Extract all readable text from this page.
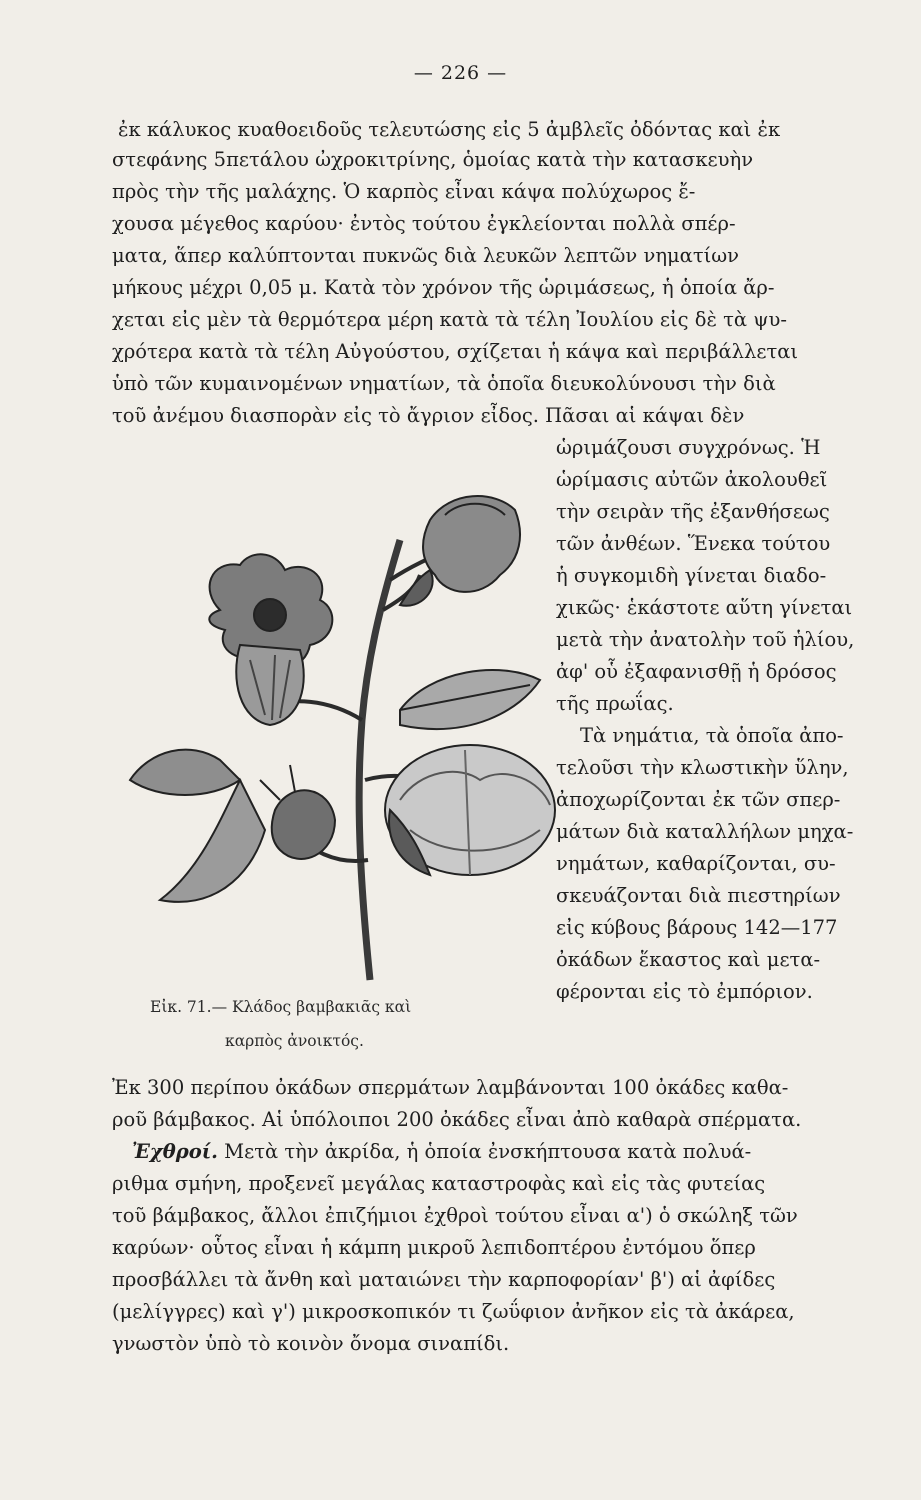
— 226 —
ἐκ κάλυκος κυαθοειδοῦς τελευτώσης εἰς 5 ἀμβλεῖς ὀδόντας καὶ ἐκ
στεφάνης 5πετάλου ὠχροκιτρίνης, ὁμοίας κατὰ τὴν κατασκευὴν
πρὸς τὴν τῆς μαλάχης. Ὁ καρπὸς εἶναι κάψα πολύχωρος ἔ-
χουσα μέγεθος καρύου· ἐντὸς τούτου ἐγκλείονται πολλὰ σπέρ-
ματα, ἅπερ καλύπτονται πυκνῶς διὰ λευκῶν λεπτῶν νηματίων
μήκους μέχρι 0,05 μ. Κατὰ τὸν χρόνον τῆς ὡριμάσεως, ἡ ὁποία ἄρ-
χεται εἰς μὲν τὰ θερμότερα μέρη κατὰ τὰ τέλη Ἰουλίου εἰς δὲ τὰ ψυ-
χρότερα κατὰ τὰ τέλη Αὐγούστου, σχίζεται ἡ κάψα καὶ περιβάλλεται
ὑπὸ τῶν κυμαινομένων νηματίων, τὰ ὁποῖα διευκολύνουσι τὴν διὰ
τοῦ ἀνέμου διασπορὰν εἰς τὸ ἄγριον εἶδος. Πᾶσαι αἱ κάψαι δὲν
ὡριμάζουσι συγχρόνως. Ἡ
ὡρίμασις αὐτῶν ἀκολουθεῖ
τὴν σειρὰν τῆς ἐξανθήσεως
τῶν ἀνθέων. Ἕνεκα τούτου
ἡ συγκομιδὴ γίνεται διαδο-
χικῶς· ἑκάστοτε αὕτη γίνεται
μετὰ τὴν ἀνατολὴν τοῦ ἡλίου,
ἀφ' οὗ ἐξαφανισθῇ ἡ δρόσος
τῆς πρωΐας.
Τὰ νημάτια, τὰ ὁποῖα ἀπο-
τελοῦσι τὴν κλωστικὴν ὕλην,
ἀποχωρίζονται ἐκ τῶν σπερ-
μάτων διὰ καταλλήλων μηχα-
νημάτων, καθαρίζονται, συ-
σκευάζονται διὰ πιεστηρίων
εἰς κύβους βάρους 142—177
ὀκάδων ἕκαστος καὶ μετα-
φέρονται εἰς τὸ ἐμπόριον.
Εἰκ. 71.— Κλάδος βαμβακιᾶς καὶ
καρπὸς ἀνοικτός.
Ἐκ 300 περίπου ὀκάδων σπερμάτων λαμβάνονται 100 ὀκάδες καθα-
ροῦ βάμβακος. Αἱ ὑπόλοιποι 200 ὀκάδες εἶναι ἀπὸ καθαρὰ σπέρματα.
Ἐχθροί. Μετὰ τὴν ἀκρίδα, ἡ ὁποία ἐνσκήπτουσα κατὰ πολυά-
ριθμα σμήνη, προξενεῖ μεγάλας καταστροφὰς καὶ εἰς τὰς φυτείας
τοῦ βάμβακος, ἄλλοι ἐπιζήμιοι ἐχθροὶ τούτου εἶναι α') ὁ σκώληξ τῶν
καρύων· οὗτος εἶναι ἡ κάμπη μικροῦ λεπιδοπτέρου ἐντόμου ὅπερ
προσβάλλει τὰ ἄνθη καὶ ματαιώνει τὴν καρποφορίαν' β') αἱ ἀφίδες
(μελίγγρες) καὶ γ') μικροσκοπικόν τι ζωΰφιον ἀνῆκον εἰς τὰ ἀκάρεα,
γνωστὸν ὑπὸ τὸ κοινὸν ὄνομα σιναπίδι.
